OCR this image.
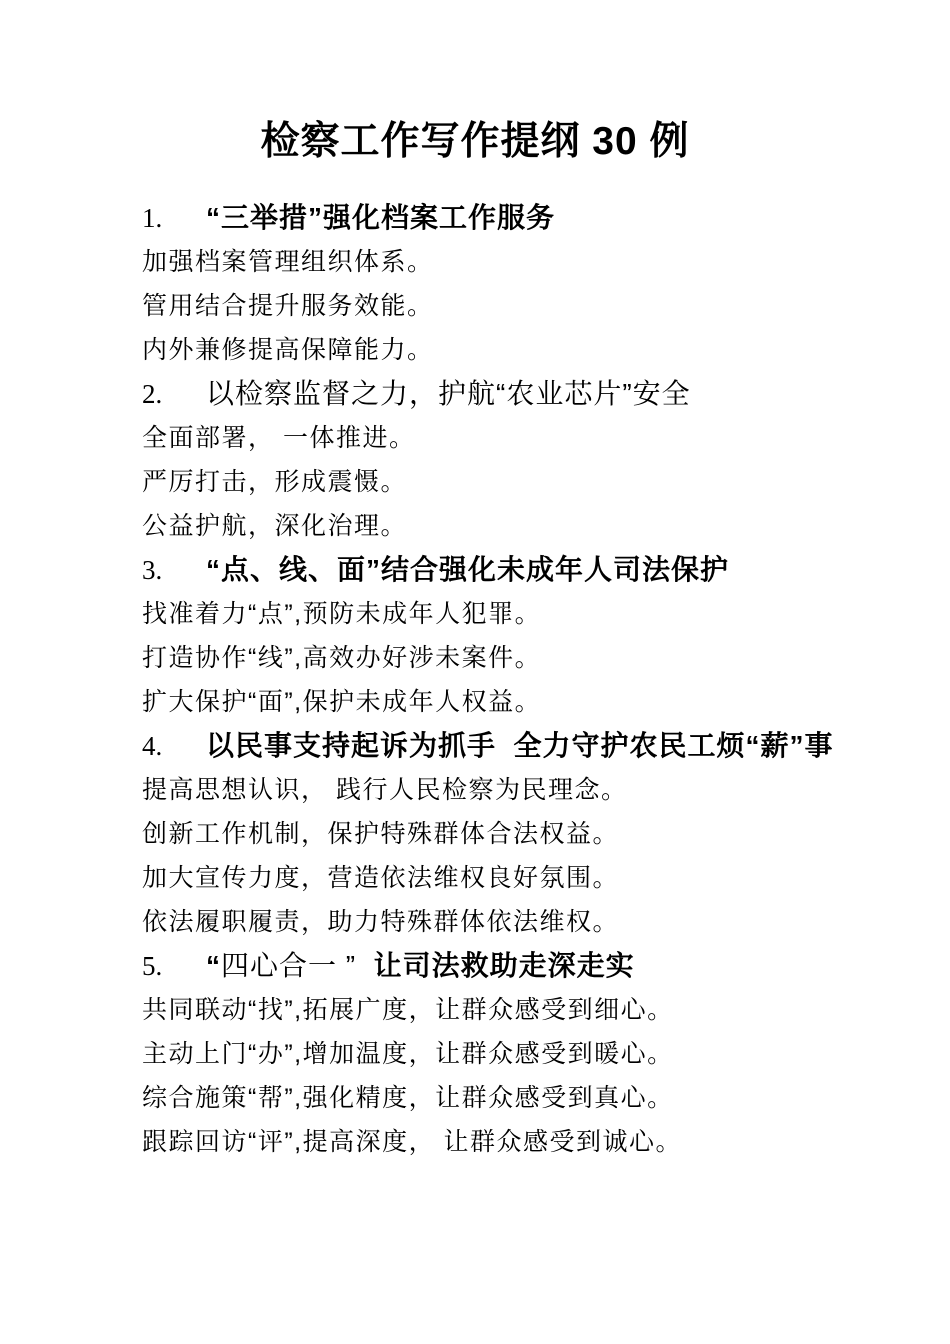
检察工作写作提纲 30 例
1.	“三举措”强化档案工作服务
加强档案管理组织体系。
管用结合提升服务效能。
内外兼修提高保障能力。
2.	以检察监督之力，护航“农业芯片”安全
全面部署， 一体推进。
严厉打击，形成震慑。
公益护航，深化治理。
3.	“点、线、面”结合强化未成年人司法保护
找准着力“点”,预防未成年人犯罪。
打造协作“线”,高效办好涉未案件。
扩大保护“面”,保护未成年人权益。
4.	以民事支持起诉为抓手  全力守护农民工烦“薪”事
提高思想认识， 践行人民检察为民理念。
创新工作机制，保护特殊群体合法权益。
加大宣传力度，营造依法维权良好氛围。
依法履职履责，助力特殊群体依法维权。
5.	“四心合一 ”  让司法救助走深走实
共同联动“找”,拓展广度，让群众感受到细心。
主动上门“办”,增加温度，让群众感受到暖心。
综合施策“帮”,强化精度，让群众感受到真心。
跟踪回访“评”,提高深度， 让群众感受到诚心。
